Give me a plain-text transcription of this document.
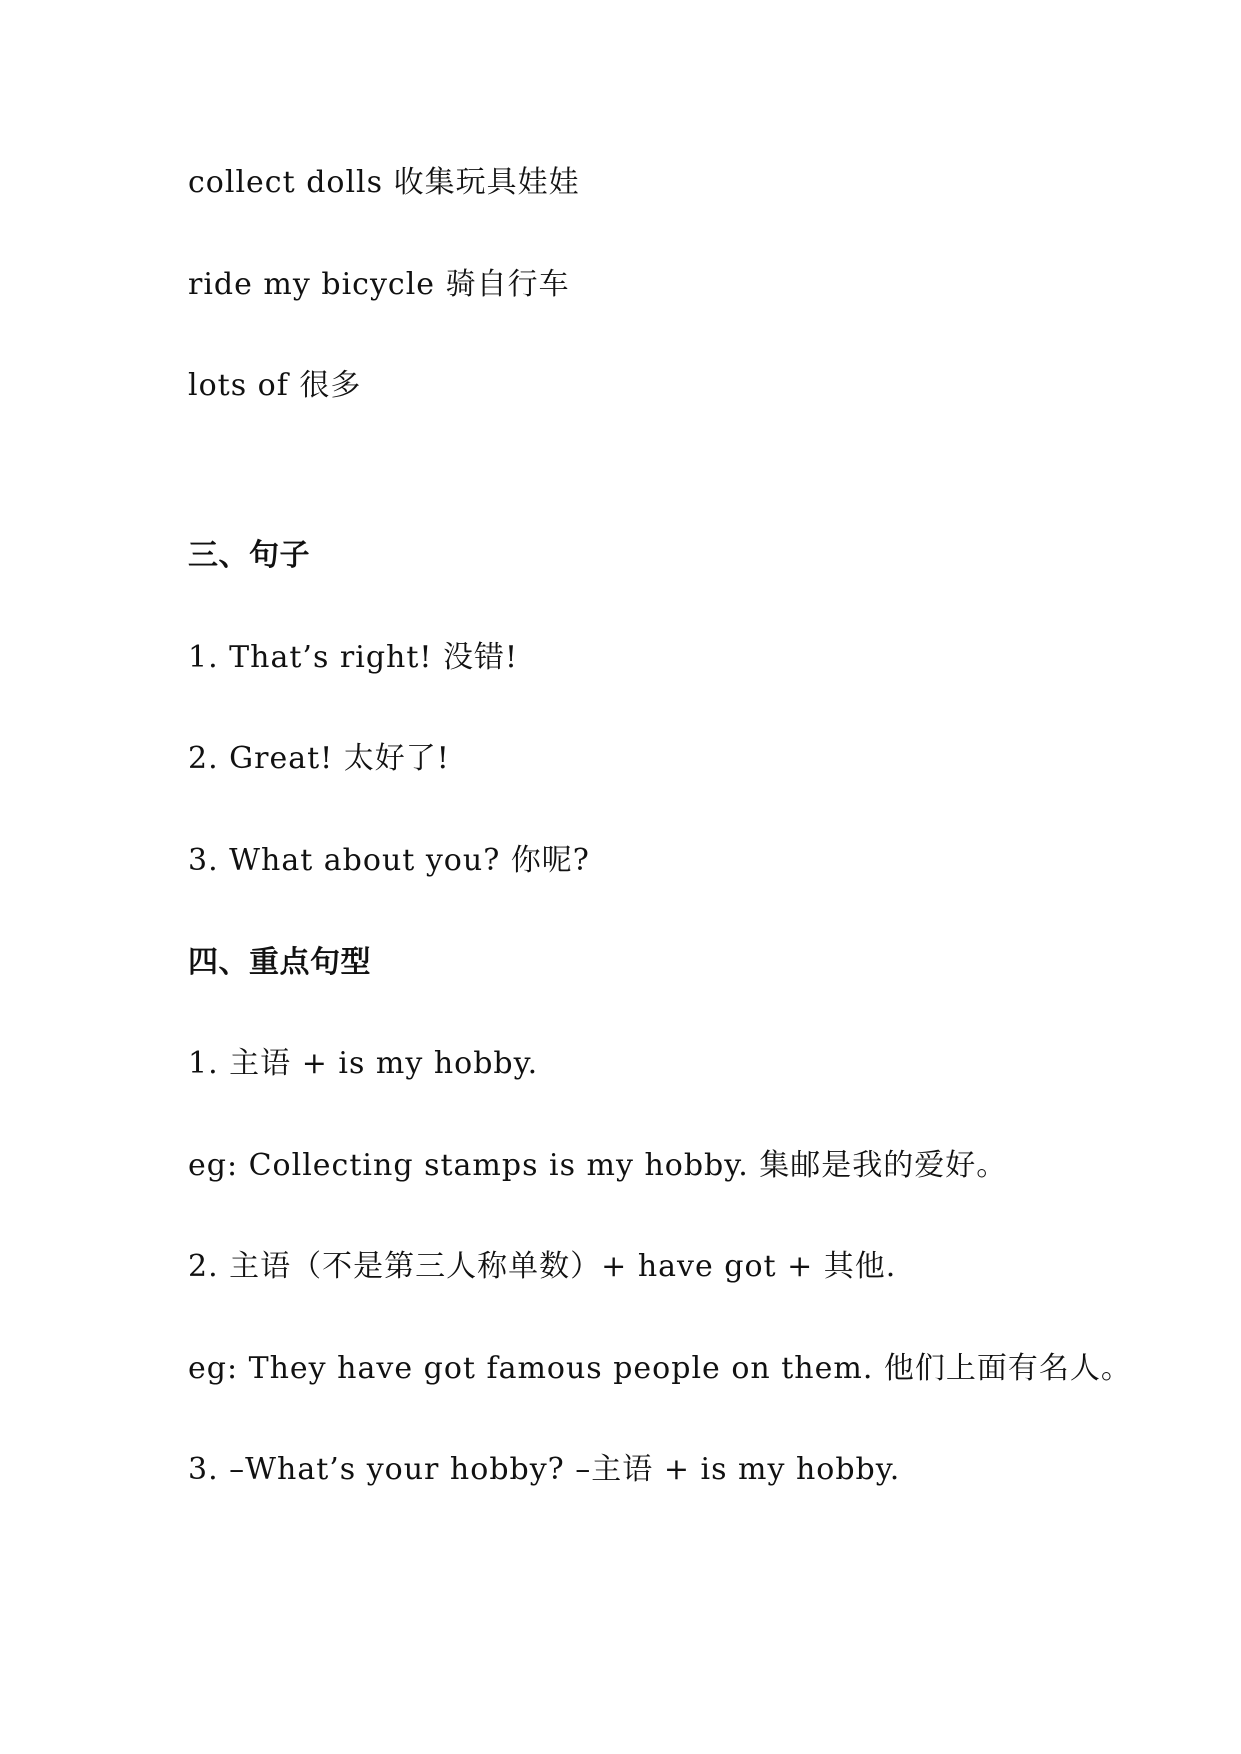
collect dolls 收集玩具娃娃
ride my bicycle 骑自行车
lots of 很多
三、句子
1. That’s right! 没错!
2. Great! 太好了!
3. What about you? 你呢?
四、重点句型
1. 主语 + is my hobby.
eg: Collecting stamps is my hobby. 集邮是我的爱好。
2. 主语（不是第三人称单数）+ have got + 其他.
eg: They have got famous people on them. 他们上面有名人。
3. –What’s your hobby? –主语 + is my hobby.
